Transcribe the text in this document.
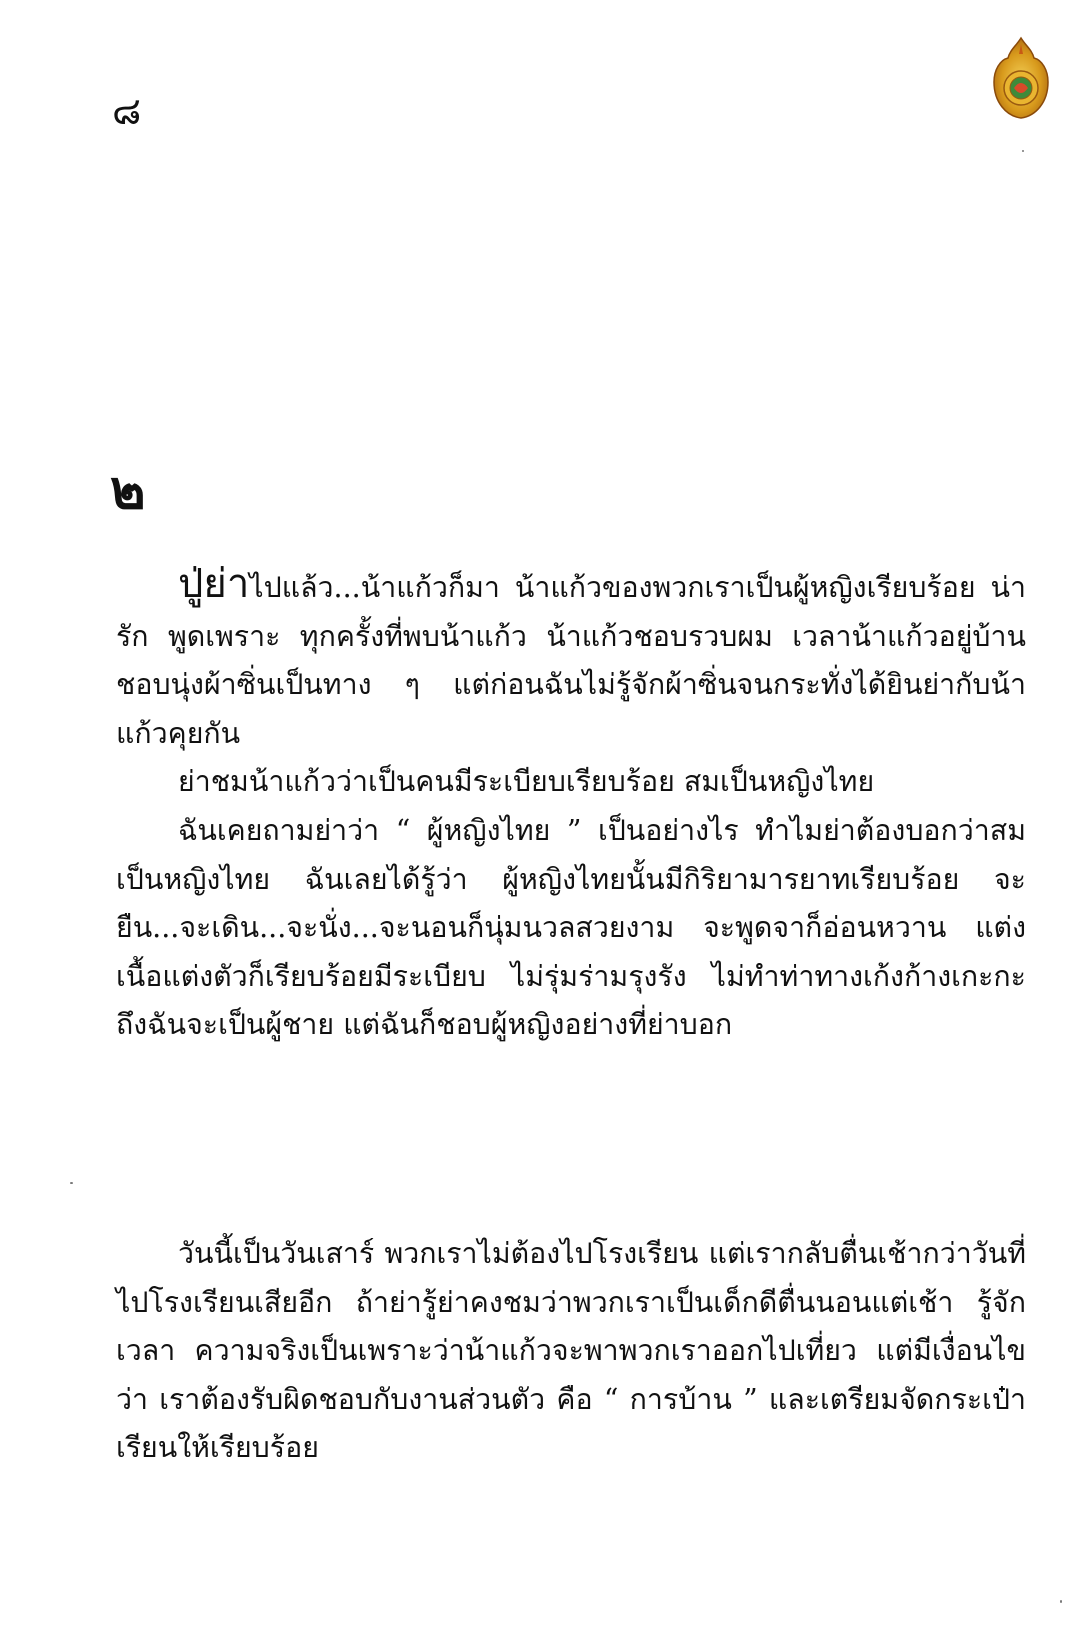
๘
๒

ปู่ย่าไปแล้ว...น้าแก้วก็มา น้าแก้วของพวกเราเป็นผู้หญิงเรียบร้อย น่ารัก พูดเพราะ ทุกครั้งที่พบน้าแก้ว น้าแก้วชอบรวบผม เวลาน้าแก้วอยู่บ้านชอบนุ่งผ้าซิ่นเป็นทาง ๆ แต่ก่อนฉันไม่รู้จักผ้าซิ่นจนกระทั่งได้ยินย่ากับน้าแก้วคุยกัน

ย่าชมน้าแก้วว่าเป็นคนมีระเบียบเรียบร้อย สมเป็นหญิงไทย

ฉันเคยถามย่าว่า “ ผู้หญิงไทย ” เป็นอย่างไร ทำไมย่าต้องบอกว่าสมเป็นหญิงไทย ฉันเลยได้รู้ว่า ผู้หญิงไทยนั้นมีกิริยามารยาทเรียบร้อย จะยืน...จะเดิน...จะนั่ง...จะนอนก็นุ่มนวลสวยงาม จะพูดจาก็อ่อนหวาน แต่งเนื้อแต่งตัวก็เรียบร้อยมีระเบียบ ไม่รุ่มร่ามรุงรัง ไม่ทำท่าทางเก้งก้างเกะกะ ถึงฉันจะเป็นผู้ชาย แต่ฉันก็ชอบผู้หญิงอย่างที่ย่าบอก

วันนี้เป็นวันเสาร์ พวกเราไม่ต้องไปโรงเรียน แต่เรากลับตื่นเช้ากว่าวันที่ไปโรงเรียนเสียอีก ถ้าย่ารู้ย่าคงชมว่าพวกเราเป็นเด็กดีตื่นนอนแต่เช้า รู้จักเวลา ความจริงเป็นเพราะว่าน้าแก้วจะพาพวกเราออกไปเที่ยว แต่มีเงื่อนไขว่า เราต้องรับผิดชอบกับงานส่วนตัว คือ “ การบ้าน ” และเตรียมจัดกระเป๋าเรียนให้เรียบร้อย
